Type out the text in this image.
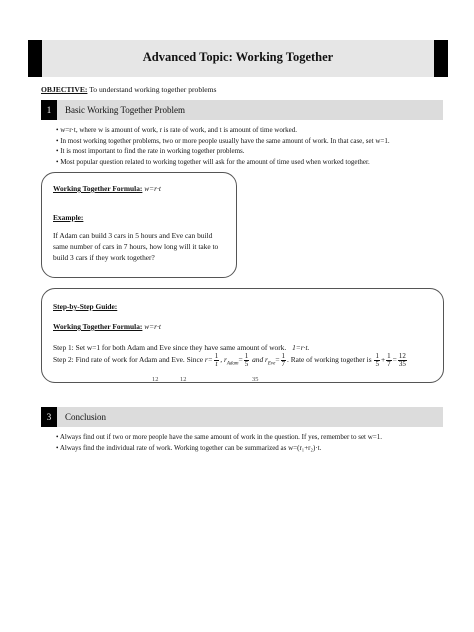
Advanced Topic: Working Together
OBJECTIVE: To understand working together problems
1	Basic Working Together Problem
• w=r·t, where w is amount of work, r is rate of work, and t is amount of time worked.
• In most working together problems, two or more people usually have the same amount of work. In that case, set w=1.
• It is most important to find the rate in working together problems.
• Most popular question related to working together will ask for the amount of time used when worked together.
Working Together Formula: w=r·t
Example:
If Adam can build 3 cars in 5 hours and Eve can build
same number of cars in 7 hours, how long will it take to
build 3 cars if they work together?
Step-by-Step Guide:
Working Together Formula: w=r·t
Step 1: Set w=1 for both Adam and Eve since they have same amount of work. 1=r·t.
Step 2: Find rate of work for Adam and Eve. Since $r= \frac{1}{t}$ , $r_{Adam}= \frac{1}{5}$ and $r_{Eve}= \frac{1}{7}$ . Rate of working together is $\frac{1}{5} + \frac{1}{7} = \frac{12}{35}$
12	12	35
3	Conclusion
• Always find out if two or more people have the same amount of work in the question. If yes, remember to set w=1.
• Always find the individual rate of work. Working together can be summarized as w=(r₁+r₂)·t.
